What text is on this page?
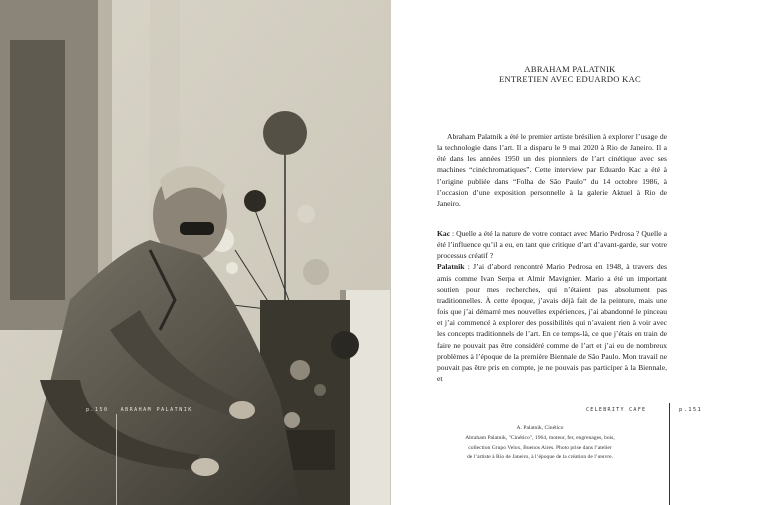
p.150 ABRAHAM PALATNIK
ABRAHAM PALATNIK
ENTRETIEN AVEC EDUARDO KAC
Abraham Palatnik a été le premier artiste brésilien à explorer l’usage de la technologie dans l’art. Il a disparu le 9 mai 2020 à Rio de Janeiro. Il a été dans les années 1950 un des pionniers de l’art cinétique avec ses machines “cinéchromatiques”. Cette interview par Eduardo Kac a été à l’origine publiée dans “Folha de São Paulo” du 14 octobre 1986, à l’occasion d’une exposition personnelle à la galerie Aktuel à Rio de Janeiro.

Kac : Quelle a été la nature de votre contact avec Mario Pedrosa ? Quelle a été l’influence qu’il a eu, en tant que critique d’art d’avant-garde, sur votre processus créatif ?

Palatnik : J’ai d’abord rencontré Mario Pedrosa en 1948, à travers des amis comme Ivan Serpa et Almir Mavignier. Mario a été un important soutien pour mes recherches, qui n’étaient pas absolument pas traditionnelles. À cette époque, j’avais déjà fait de la peinture, mais une fois que j’ai démarré mes nouvelles expériences, j’ai abandonné le pinceau et j’ai commencé à explorer des possibilités qui n’avaient rien à voir avec les concepts traditionnels de l’art. En ce temps-là, ce que j’étais en train de faire ne pouvait pas être considéré comme de l’art et j’ai eu de nombreux problèmes à l’époque de la première Biennale de São Paulo. Mon travail ne pouvait pas être pris en compte, je ne pouvais pas participer à la Biennale, et

CELEBRITY CAFE	p.151
A. Palatnik, Cinético
Abraham Palatnik, "Cinético", 1964, moteur, fer, engrenages, bois,
collection Grupo Velox, Buenos Aires. Photo prise dans l’atelier
de l’artiste à Rio de Janeiro, à l’époque de la création de l’œuvre.
